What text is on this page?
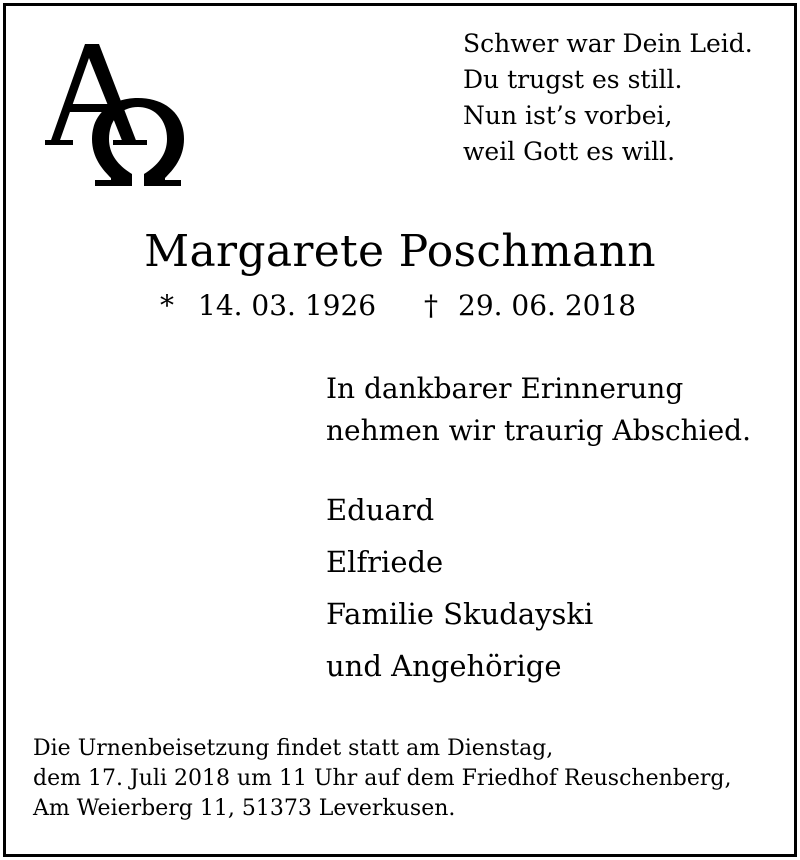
Schwer war Dein Leid.
Du trugst es still.
Nun ist’s vorbei,
weil Gott es will.
Margarete Poschmann
* 14. 03. 1926 † 29. 06. 2018
In dankbarer Erinnerung
nehmen wir traurig Abschied.
Eduard
Elfriede
Familie Skudayski
und Angehörige
Die Urnenbeisetzung findet statt am Dienstag,
dem 17. Juli 2018 um 11 Uhr auf dem Friedhof Reuschenberg,
Am Weierberg 11, 51373 Leverkusen.
